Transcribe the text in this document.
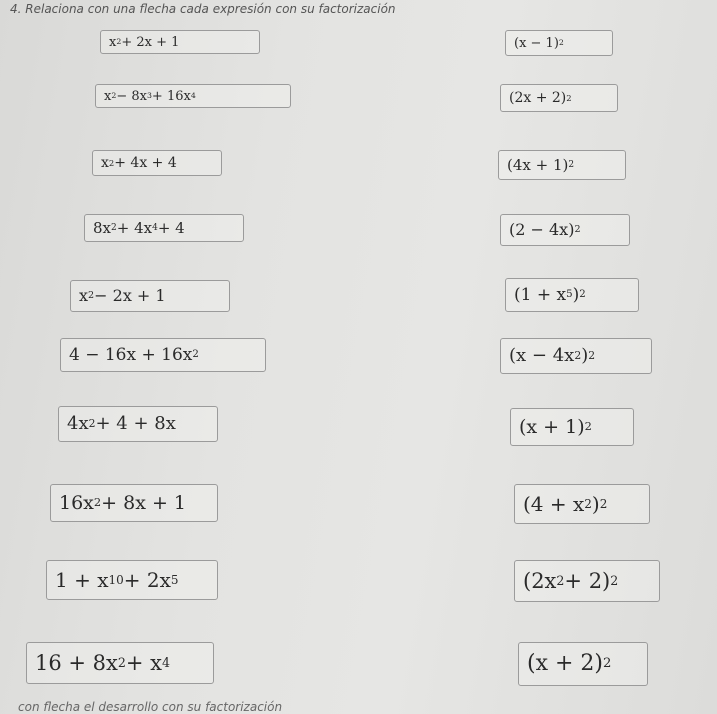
4. Relaciona con una flecha cada expresión con su factorización
x 2 + 2x + 1
x 2 − 8x 3 + 16x 4
x 2 + 4x + 4
8x 2 + 4x 4 + 4
x 2 − 2x + 1
4 − 16x + 16x 2
4x 2 + 4 + 8x
16x 2 + 8x + 1
1 + x 10 + 2x 5
16 + 8x 2 + x 4
(x − 1) 2
(2x + 2) 2
(4x + 1) 2
(2 − 4x) 2
(1 + x 5 ) 2
(x − 4x 2 ) 2
(x + 1) 2
(4 + x 2 ) 2
(2x 2 + 2) 2
(x + 2) 2
con flecha el desarrollo con su factorización
